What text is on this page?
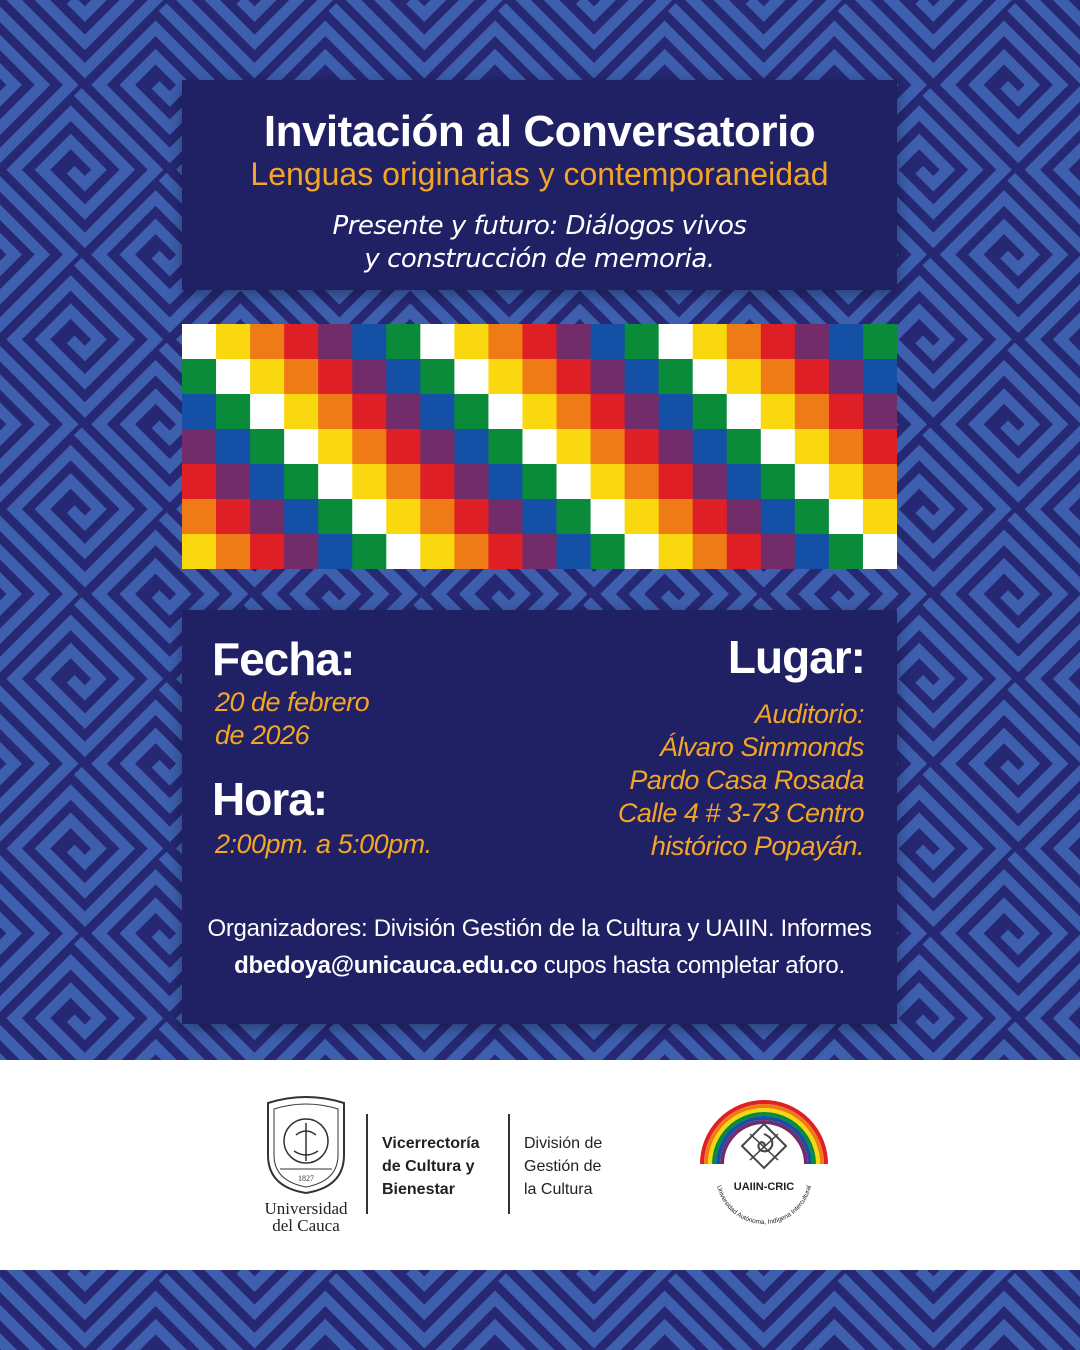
Invitación al Conversatorio
Lenguas originarias y contemporaneidad
Presente y futuro: Diálogos vivos
y construcción de memoria.
Fecha:
20 de febrero
de 2026
Hora:
2:00pm. a 5:00pm.
Lugar:
Auditorio:
Álvaro Simmonds
Pardo Casa Rosada
Calle 4 # 3-73 Centro
histórico Popayán.
Organizadores: División Gestión de la Cultura y UAIIN. Informes
dbedoya@unicauca.edu.co cupos hasta completar aforo.
1827
Universidad
del Cauca
Vicerrectoría
de Cultura y
Bienestar
División de
Gestión de
la Cultura	UAIIN-CRIC
Universidad Autónoma, Indígena Intercultural
